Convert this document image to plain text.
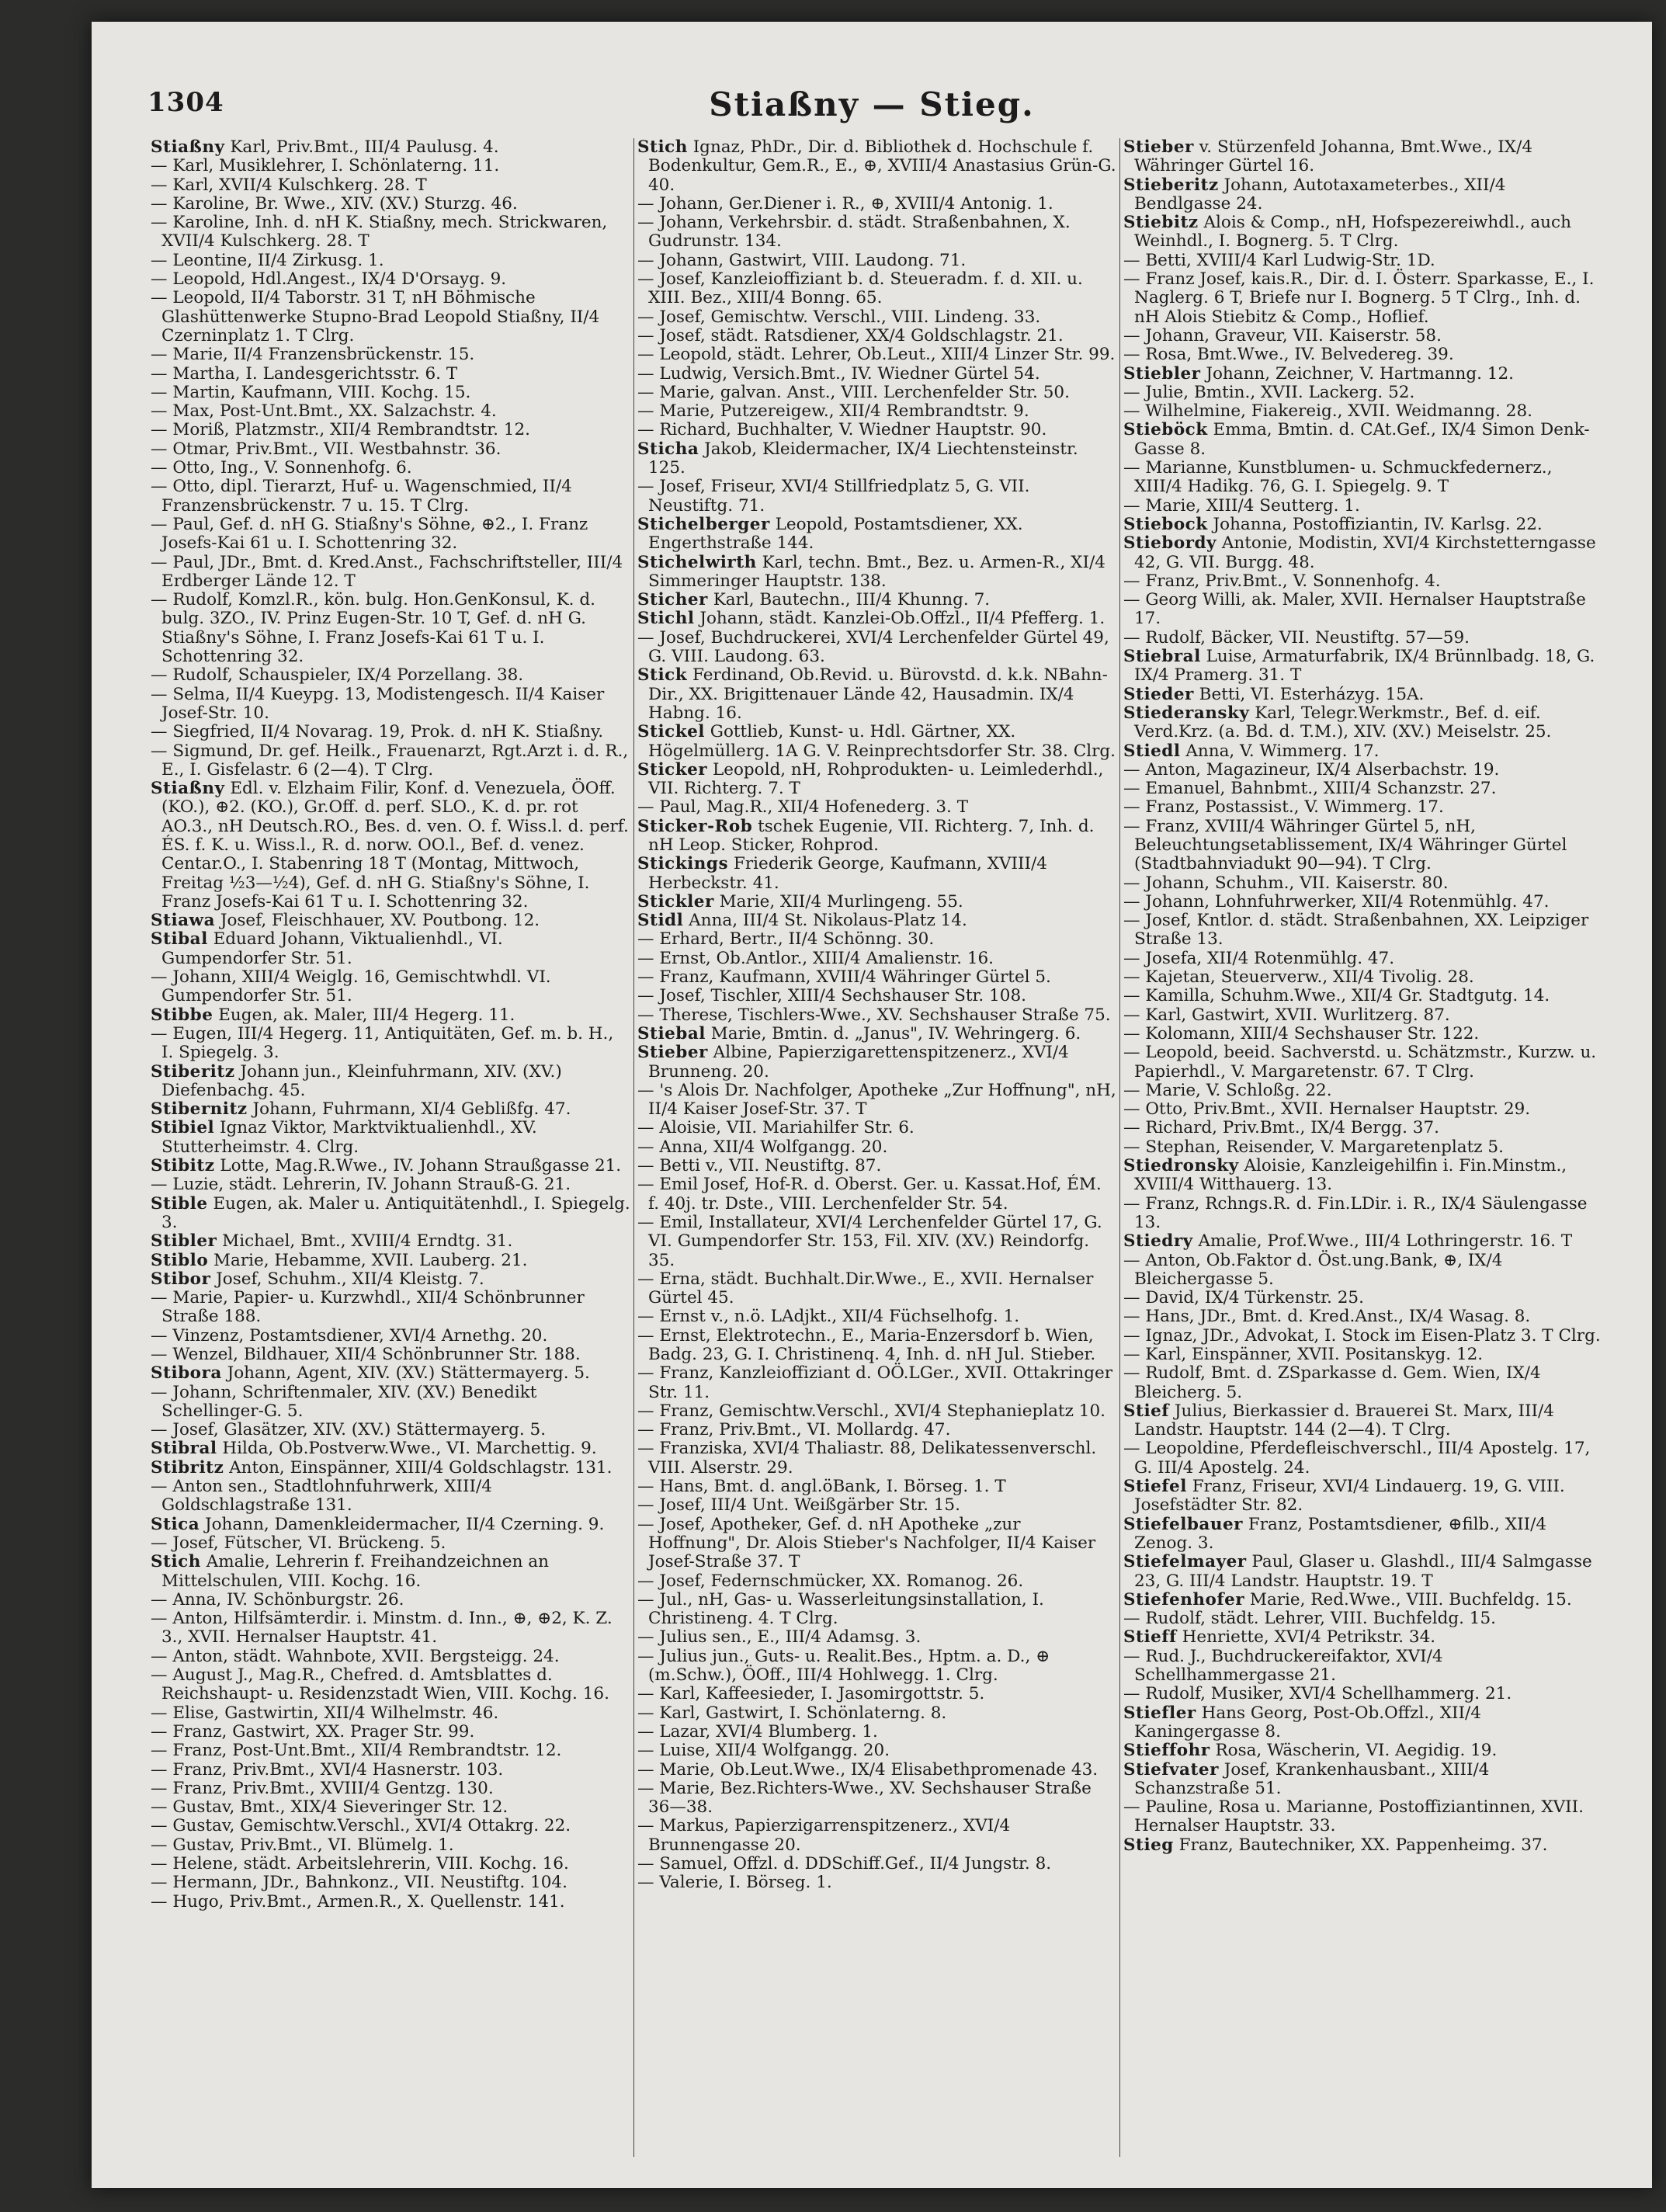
1304	Stiaßny — Stieg.
Stiaßny Karl, Priv.Bmt., III/4 Paulusg. 4.
— Karl, Musiklehrer, I. Schönlaterng. 11.
— Karl, XVII/4 Kulschkerg. 28. T
— Karoline, Br. Wwe., XIV. (XV.) Sturzg. 46.
— Karoline, Inh. d. nH K. Stiaßny, mech. Strickwaren, XVII/4 Kulschkerg. 28. T
— Leontine, II/4 Zirkusg. 1.
— Leopold, Hdl.Angest., IX/4 D'Orsayg. 9.
— Leopold, II/4 Taborstr. 31 T, nH Böhmische Glashüttenwerke Stupno-Brad Leopold Stiaßny, II/4 Czerninplatz 1. T Clrg.
— Marie, II/4 Franzensbrückenstr. 15.
— Martha, I. Landesgerichtsstr. 6. T
— Martin, Kaufmann, VIII. Kochg. 15.
— Max, Post-Unt.Bmt., XX. Salzachstr. 4.
— Moriß, Platzmstr., XII/4 Rembrandtstr. 12.
— Otmar, Priv.Bmt., VII. Westbahnstr. 36.
— Otto, Ing., V. Sonnenhofg. 6.
— Otto, dipl. Tierarzt, Huf- u. Wagenschmied, II/4 Franzensbrückenstr. 7 u. 15. T Clrg.
— Paul, Gef. d. nH G. Stiaßny's Söhne, ⊕2., I. Franz Josefs-Kai 61 u. I. Schottenring 32.
— Paul, JDr., Bmt. d. Kred.Anst., Fachschriftsteller, III/4 Erdberger Lände 12. T
— Rudolf, Komzl.R., kön. bulg. Hon.GenKonsul, K. d. bulg. 3ZO., IV. Prinz Eugen-Str. 10 T, Gef. d. nH G. Stiaßny's Söhne, I. Franz Josefs-Kai 61 T u. I. Schottenring 32.
— Rudolf, Schauspieler, IX/4 Porzellang. 38.
— Selma, II/4 Kueypg. 13, Modistengesch. II/4 Kaiser Josef-Str. 10.
— Siegfried, II/4 Novarag. 19, Prok. d. nH K. Stiaßny.
— Sigmund, Dr. gef. Heilk., Frauenarzt, Rgt.Arzt i. d. R., E., I. Gisfelastr. 6 (2—4). T Clrg.
Stiaßny Edl. v. Elzhaim Filir, Konf. d. Venezuela, ÖOff.(KO.), ⊕2. (KO.), Gr.Off. d. perf. SLO., K. d. pr. rot AO.3., nH Deutsch.RO., Bes. d. ven. O. f. Wiss.l. d. perf. ÉS. f. K. u. Wiss.l., R. d. norw. OO.l., Bef. d. venez. Centar.O., I. Stabenring 18 T (Montag, Mittwoch, Freitag ½3—½4), Gef. d. nH G. Stiaßny's Söhne, I. Franz Josefs-Kai 61 T u. I. Schottenring 32.
Stiawa Josef, Fleischhauer, XV. Poutbong. 12.
Stibal Eduard Johann, Viktualienhdl., VI. Gumpendorfer Str. 51.
— Johann, XIII/4 Weiglg. 16, Gemischtwhdl. VI. Gumpendorfer Str. 51.
Stibbe Eugen, ak. Maler, III/4 Hegerg. 11.
— Eugen, III/4 Hegerg. 11, Antiquitäten, Gef. m. b. H., I. Spiegelg. 3.
Stiberitz Johann jun., Kleinfuhrmann, XIV. (XV.) Diefenbachg. 45.
Stibernitz Johann, Fuhrmann, XI/4 Geblißfg. 47.
Stibiel Ignaz Viktor, Marktviktualienhdl., XV. Stutterheimstr. 4. Clrg.
Stibitz Lotte, Mag.R.Wwe., IV. Johann Straußgasse 21.
— Luzie, städt. Lehrerin, IV. Johann Strauß-G. 21.
Stible Eugen, ak. Maler u. Antiquitätenhdl., I. Spiegelg. 3.
Stibler Michael, Bmt., XVIII/4 Erndtg. 31.
Stiblo Marie, Hebamme, XVII. Lauberg. 21.
Stibor Josef, Schuhm., XII/4 Kleistg. 7.
— Marie, Papier- u. Kurzwhdl., XII/4 Schönbrunner Straße 188.
— Vinzenz, Postamtsdiener, XVI/4 Arnethg. 20.
— Wenzel, Bildhauer, XII/4 Schönbrunner Str. 188.
Stibora Johann, Agent, XIV. (XV.) Stättermayerg. 5.
— Johann, Schriftenmaler, XIV. (XV.) Benedikt Schellinger-G. 5.
— Josef, Glasätzer, XIV. (XV.) Stättermayerg. 5.
Stibral Hilda, Ob.Postverw.Wwe., VI. Marchettig. 9.
Stibritz Anton, Einspänner, XIII/4 Goldschlagstr. 131.
— Anton sen., Stadtlohnfuhrwerk, XIII/4 Goldschlagstraße 131.
Stica Johann, Damenkleidermacher, II/4 Czerning. 9.
— Josef, Fütscher, VI. Brückeng. 5.
Stich Amalie, Lehrerin f. Freihandzeichnen an Mittelschulen, VIII. Kochg. 16.
— Anna, IV. Schönburgstr. 26.
— Anton, Hilfsämterdir. i. Minstm. d. Inn., ⊕, ⊕2, K. Z. 3., XVII. Hernalser Hauptstr. 41.
— Anton, städt. Wahnbote, XVII. Bergsteigg. 24.
— August J., Mag.R., Chefred. d. Amtsblattes d. Reichshaupt- u. Residenzstadt Wien, VIII. Kochg. 16.
— Elise, Gastwirtin, XII/4 Wilhelmstr. 46.
— Franz, Gastwirt, XX. Prager Str. 99.
— Franz, Post-Unt.Bmt., XII/4 Rembrandtstr. 12.
— Franz, Priv.Bmt., XVI/4 Hasnerstr. 103.
— Franz, Priv.Bmt., XVIII/4 Gentzg. 130.
— Gustav, Bmt., XIX/4 Sieveringer Str. 12.
— Gustav, Gemischtw.Verschl., XVI/4 Ottakrg. 22.
— Gustav, Priv.Bmt., VI. Blümelg. 1.
— Helene, städt. Arbeitslehrerin, VIII. Kochg. 16.
— Hermann, JDr., Bahnkonz., VII. Neustiftg. 104.
— Hugo, Priv.Bmt., Armen.R., X. Quellenstr. 141.
Stich Ignaz, PhDr., Dir. d. Bibliothek d. Hochschule f. Bodenkultur, Gem.R., E., ⊕, XVIII/4 Anastasius Grün-G. 40.
— Johann, Ger.Diener i. R., ⊕, XVIII/4 Antonig. 1.
— Johann, Verkehrsbir. d. städt. Straßenbahnen, X. Gudrunstr. 134.
— Johann, Gastwirt, VIII. Laudong. 71.
— Josef, Kanzleioffiziant b. d. Steueradm. f. d. XII. u. XIII. Bez., XIII/4 Bonng. 65.
— Josef, Gemischtw. Verschl., VIII. Lindeng. 33.
— Josef, städt. Ratsdiener, XX/4 Goldschlagstr. 21.
— Leopold, städt. Lehrer, Ob.Leut., XIII/4 Linzer Str. 99.
— Ludwig, Versich.Bmt., IV. Wiedner Gürtel 54.
— Marie, galvan. Anst., VIII. Lerchenfelder Str. 50.
— Marie, Putzereigew., XII/4 Rembrandtstr. 9.
— Richard, Buchhalter, V. Wiedner Hauptstr. 90.
Sticha Jakob, Kleidermacher, IX/4 Liechtensteinstr. 125.
— Josef, Friseur, XVI/4 Stillfriedplatz 5, G. VII. Neustiftg. 71.
Stichelberger Leopold, Postamtsdiener, XX. Engerthstraße 144.
Stichelwirth Karl, techn. Bmt., Bez. u. Armen-R., XI/4 Simmeringer Hauptstr. 138.
Sticher Karl, Bautechn., III/4 Khunng. 7.
Stichl Johann, städt. Kanzlei-Ob.Offzl., II/4 Pfefferg. 1.
— Josef, Buchdruckerei, XVI/4 Lerchenfelder Gürtel 49, G. VIII. Laudong. 63.
Stick Ferdinand, Ob.Revid. u. Bürovstd. d. k.k. NBahn-Dir., XX. Brigittenauer Lände 42, Hausadmin. IX/4 Habng. 16.
Stickel Gottlieb, Kunst- u. Hdl. Gärtner, XX. Högelmüllerg. 1A G. V. Reinprechtsdorfer Str. 38. Clrg.
Sticker Leopold, nH, Rohprodukten- u. Leimlederhdl., VII. Richterg. 7. T
— Paul, Mag.R., XII/4 Hofenederg. 3. T
Sticker-Rob tschek Eugenie, VII. Richterg. 7, Inh. d. nH Leop. Sticker, Rohprod.
Stickings Friederik George, Kaufmann, XVIII/4 Herbeckstr. 41.
Stickler Marie, XII/4 Murlingeng. 55.
Stidl Anna, III/4 St. Nikolaus-Platz 14.
— Erhard, Bertr., II/4 Schönng. 30.
— Ernst, Ob.Antlor., XIII/4 Amalienstr. 16.
— Franz, Kaufmann, XVIII/4 Währinger Gürtel 5.
— Josef, Tischler, XIII/4 Sechshauser Str. 108.
— Therese, Tischlers-Wwe., XV. Sechshauser Straße 75.
Stiebal Marie, Bmtin. d. „Janus", IV. Wehringerg. 6.
Stieber Albine, Papierzigarettenspitzenerz., XVI/4 Brunneng. 20.
— 's Alois Dr. Nachfolger, Apotheke „Zur Hoffnung", nH, II/4 Kaiser Josef-Str. 37. T
— Aloisie, VII. Mariahilfer Str. 6.
— Anna, XII/4 Wolfgangg. 20.
— Betti v., VII. Neustiftg. 87.
— Emil Josef, Hof-R. d. Oberst. Ger. u. Kassat.Hof, ÉM. f. 40j. tr. Dste., VIII. Lerchenfelder Str. 54.
— Emil, Installateur, XVI/4 Lerchenfelder Gürtel 17, G. VI. Gumpendorfer Str. 153, Fil. XIV. (XV.) Reindorfg. 35.
— Erna, städt. Buchhalt.Dir.Wwe., E., XVII. Hernalser Gürtel 45.
— Ernst v., n.ö. LAdjkt., XII/4 Füchselhofg. 1.
— Ernst, Elektrotechn., E., Maria-Enzersdorf b. Wien, Badg. 23, G. I. Christinenq. 4, Inh. d. nH Jul. Stieber.
— Franz, Kanzleioffiziant d. OÖ.LGer., XVII. Ottakringer Str. 11.
— Franz, Gemischtw.Verschl., XVI/4 Stephanieplatz 10.
— Franz, Priv.Bmt., VI. Mollardg. 47.
— Franziska, XVI/4 Thaliastr. 88, Delikatessenverschl. VIII. Alserstr. 29.
— Hans, Bmt. d. angl.öBank, I. Börseg. 1. T
— Josef, III/4 Unt. Weißgärber Str. 15.
— Josef, Apotheker, Gef. d. nH Apotheke „zur Hoffnung", Dr. Alois Stieber's Nachfolger, II/4 Kaiser Josef-Straße 37. T
— Josef, Federnschmücker, XX. Romanog. 26.
— Jul., nH, Gas- u. Wasserleitungsinstallation, I. Christineng. 4. T Clrg.
— Julius sen., E., III/4 Adamsg. 3.
— Julius jun., Guts- u. Realit.Bes., Hptm. a. D., ⊕ (m.Schw.), ÖOff., III/4 Hohlwegg. 1. Clrg.
— Karl, Kaffeesieder, I. Jasomirgottstr. 5.
— Karl, Gastwirt, I. Schönlaterng. 8.
— Lazar, XVI/4 Blumberg. 1.
— Luise, XII/4 Wolfgangg. 20.
— Marie, Ob.Leut.Wwe., IX/4 Elisabethpromenade 43.
— Marie, Bez.Richters-Wwe., XV. Sechshauser Straße 36—38.
— Markus, Papierzigarrenspitzenerz., XVI/4 Brunnengasse 20.
— Samuel, Offzl. d. DDSchiff.Gef., II/4 Jungstr. 8.
— Valerie, I. Börseg. 1.
Stieber v. Stürzenfeld Johanna, Bmt.Wwe., IX/4 Währinger Gürtel 16.
Stieberitz Johann, Autotaxameterbes., XII/4 Bendlgasse 24.
Stiebitz Alois & Comp., nH, Hofspezereiwhdl., auch Weinhdl., I. Bognerg. 5. T Clrg.
— Betti, XVIII/4 Karl Ludwig-Str. 1D.
— Franz Josef, kais.R., Dir. d. I. Österr. Sparkasse, E., I. Naglerg. 6 T, Briefe nur I. Bognerg. 5 T Clrg., Inh. d. nH Alois Stiebitz & Comp., Hoflief.
— Johann, Graveur, VII. Kaiserstr. 58.
— Rosa, Bmt.Wwe., IV. Belvedereg. 39.
Stiebler Johann, Zeichner, V. Hartmanng. 12.
— Julie, Bmtin., XVII. Lackerg. 52.
— Wilhelmine, Fiakereig., XVII. Weidmanng. 28.
Stieböck Emma, Bmtin. d. CAt.Gef., IX/4 Simon Denk-Gasse 8.
— Marianne, Kunstblumen- u. Schmuckfedernerz., XIII/4 Hadikg. 76, G. I. Spiegelg. 9. T
— Marie, XIII/4 Seutterg. 1.
Stiebock Johanna, Postoffiziantin, IV. Karlsg. 22.
Stiebordy Antonie, Modistin, XVI/4 Kirchstetterngasse 42, G. VII. Burgg. 48.
— Franz, Priv.Bmt., V. Sonnenhofg. 4.
— Georg Willi, ak. Maler, XVII. Hernalser Hauptstraße 17.
— Rudolf, Bäcker, VII. Neustiftg. 57—59.
Stiebral Luise, Armaturfabrik, IX/4 Brünnlbadg. 18, G. IX/4 Pramerg. 31. T
Stieder Betti, VI. Esterházyg. 15A.
Stiederansky Karl, Telegr.Werkmstr., Bef. d. eif. Verd.Krz. (a. Bd. d. T.M.), XIV. (XV.) Meiselstr. 25.
Stiedl Anna, V. Wimmerg. 17.
— Anton, Magazineur, IX/4 Alserbachstr. 19.
— Emanuel, Bahnbmt., XIII/4 Schanzstr. 27.
— Franz, Postassist., V. Wimmerg. 17.
— Franz, XVIII/4 Währinger Gürtel 5, nH, Beleuchtungsetablissement, IX/4 Währinger Gürtel (Stadtbahnviadukt 90—94). T Clrg.
— Johann, Schuhm., VII. Kaiserstr. 80.
— Johann, Lohnfuhrwerker, XII/4 Rotenmühlg. 47.
— Josef, Kntlor. d. städt. Straßenbahnen, XX. Leipziger Straße 13.
— Josefa, XII/4 Rotenmühlg. 47.
— Kajetan, Steuerverw., XII/4 Tivolig. 28.
— Kamilla, Schuhm.Wwe., XII/4 Gr. Stadtgutg. 14.
— Karl, Gastwirt, XVII. Wurlitzerg. 87.
— Kolomann, XIII/4 Sechshauser Str. 122.
— Leopold, beeid. Sachverstd. u. Schätzmstr., Kurzw. u. Papierhdl., V. Margaretenstr. 67. T Clrg.
— Marie, V. Schloßg. 22.
— Otto, Priv.Bmt., XVII. Hernalser Hauptstr. 29.
— Richard, Priv.Bmt., IX/4 Bergg. 37.
— Stephan, Reisender, V. Margaretenplatz 5.
Stiedronsky Aloisie, Kanzleigehilfin i. Fin.Minstm., XVIII/4 Witthauerg. 13.
— Franz, Rchngs.R. d. Fin.LDir. i. R., IX/4 Säulengasse 13.
Stiedry Amalie, Prof.Wwe., III/4 Lothringerstr. 16. T
— Anton, Ob.Faktor d. Öst.ung.Bank, ⊕, IX/4 Bleichergasse 5.
— David, IX/4 Türkenstr. 25.
— Hans, JDr., Bmt. d. Kred.Anst., IX/4 Wasag. 8.
— Ignaz, JDr., Advokat, I. Stock im Eisen-Platz 3. T Clrg.
— Karl, Einspänner, XVII. Positanskyg. 12.
— Rudolf, Bmt. d. ZSparkasse d. Gem. Wien, IX/4 Bleicherg. 5.
Stief Julius, Bierkassier d. Brauerei St. Marx, III/4 Landstr. Hauptstr. 144 (2—4). T Clrg.
— Leopoldine, Pferdefleischverschl., III/4 Apostelg. 17, G. III/4 Apostelg. 24.
Stiefel Franz, Friseur, XVI/4 Lindauerg. 19, G. VIII. Josefstädter Str. 82.
Stiefelbauer Franz, Postamtsdiener, ⊕filb., XII/4 Zenog. 3.
Stiefelmayer Paul, Glaser u. Glashdl., III/4 Salmgasse 23, G. III/4 Landstr. Hauptstr. 19. T
Stiefenhofer Marie, Red.Wwe., VIII. Buchfeldg. 15.
— Rudolf, städt. Lehrer, VIII. Buchfeldg. 15.
Stieff Henriette, XVI/4 Petrikstr. 34.
— Rud. J., Buchdruckereifaktor, XVI/4 Schellhammergasse 21.
— Rudolf, Musiker, XVI/4 Schellhammerg. 21.
Stiefler Hans Georg, Post-Ob.Offzl., XII/4 Kaningergasse 8.
Stieffohr Rosa, Wäscherin, VI. Aegidig. 19.
Stiefvater Josef, Krankenhausbant., XIII/4 Schanzstraße 51.
— Pauline, Rosa u. Marianne, Postoffiziantinnen, XVII. Hernalser Hauptstr. 33.
Stieg Franz, Bautechniker, XX. Pappenheimg. 37.
